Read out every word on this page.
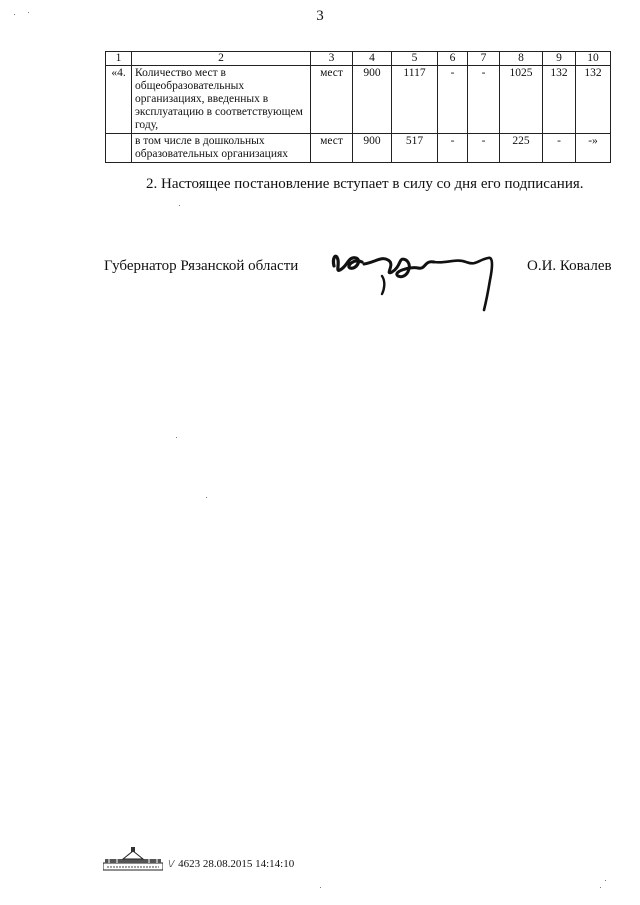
3
1	2	3	4	5	6	7	8	9	10
«4.	Количество мест в общеобразовательных организациях, введенных в эксплуатацию в соответствующем году,	мест	900	1117	-	-	1025	132	132
	в том числе в дошкольных образовательных организациях	мест	900	517	-	-	225	-	-»
2. Настоящее постановление вступает в силу со дня его подписания.
Губернатор Рязанской области	О.И. Ковалев
\/ 4623 28.08.2015 14:14:10
